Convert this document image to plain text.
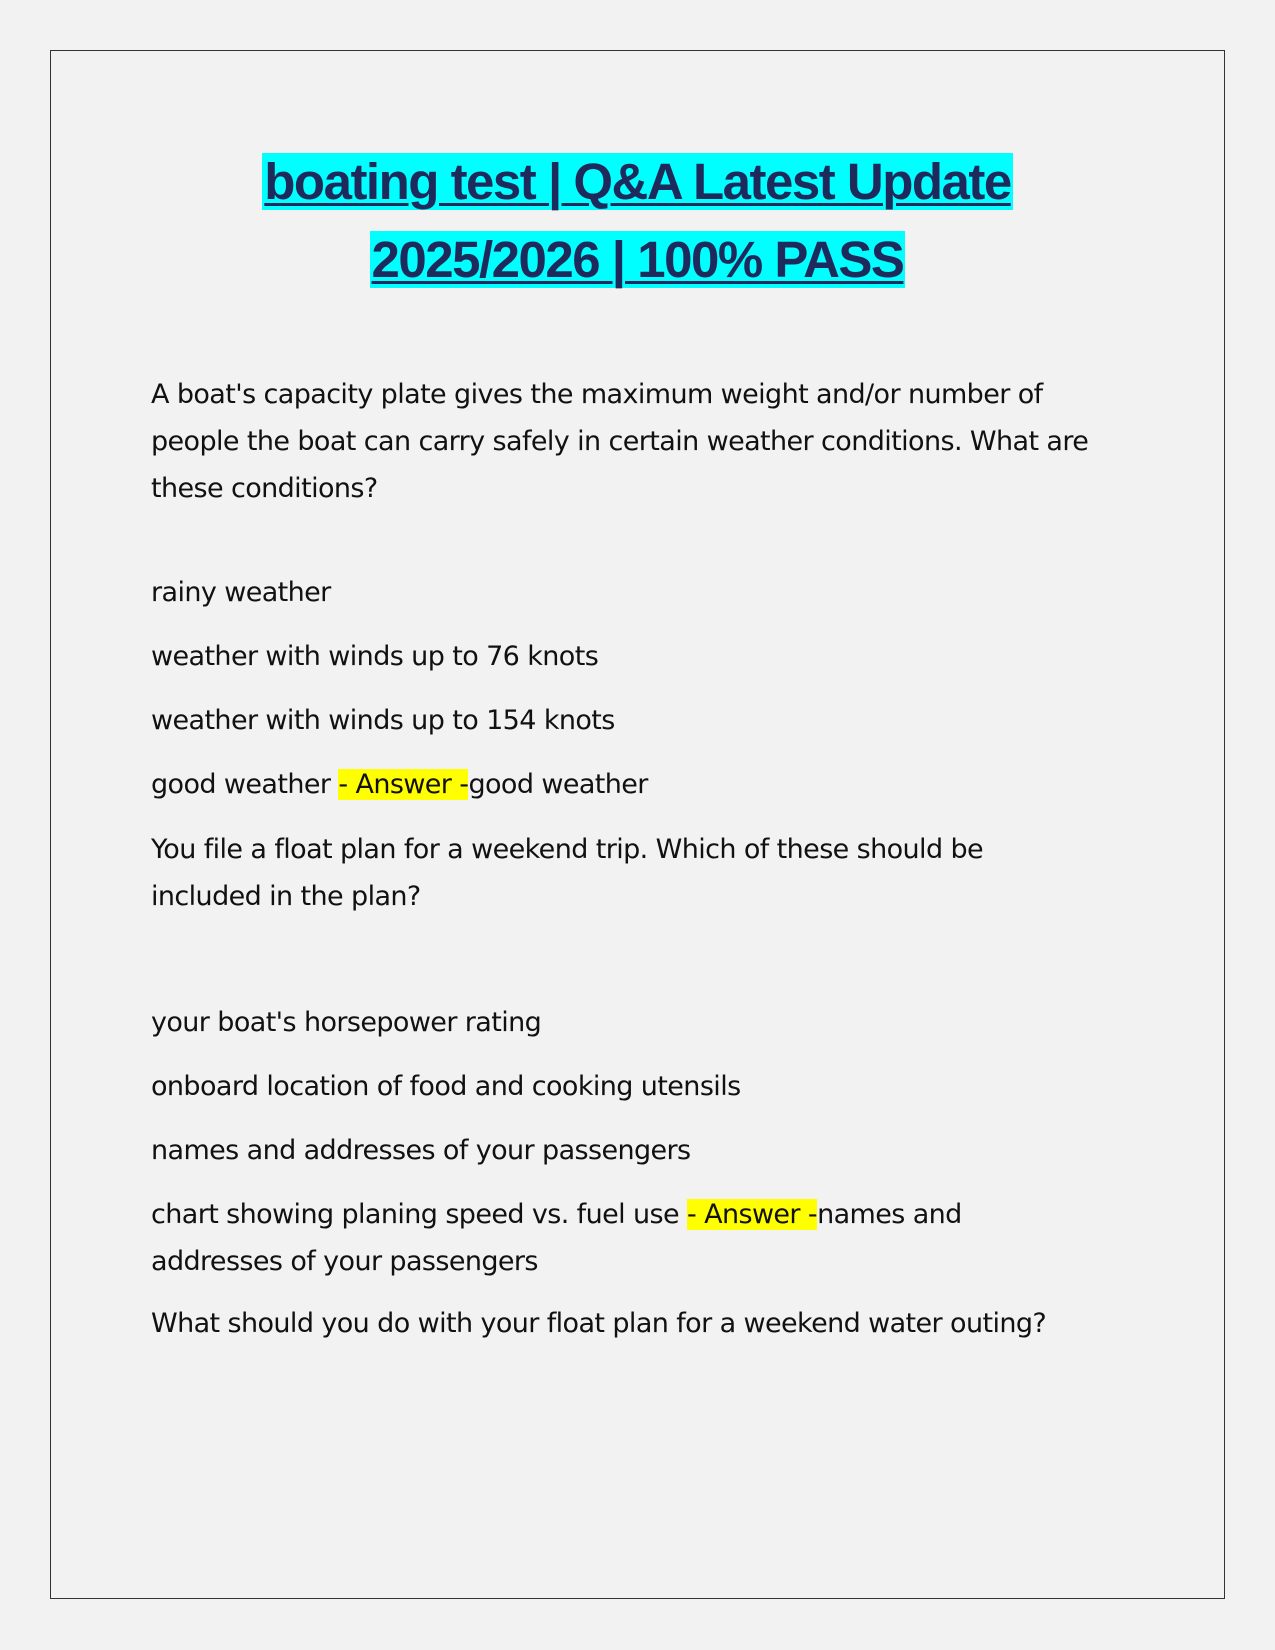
boating test | Q&A Latest Update
2025/2026 | 100% PASS
A boat's capacity plate gives the maximum weight and/or number of people the boat can carry safely in certain weather conditions. What are these conditions?
rainy weather
weather with winds up to 76 knots
weather with winds up to 154 knots
good weather - Answer -good weather
You file a float plan for a weekend trip. Which of these should be included in the plan?
your boat's horsepower rating
onboard location of food and cooking utensils
names and addresses of your passengers
chart showing planing speed vs. fuel use - Answer -names and addresses of your passengers
What should you do with your float plan for a weekend water outing?
